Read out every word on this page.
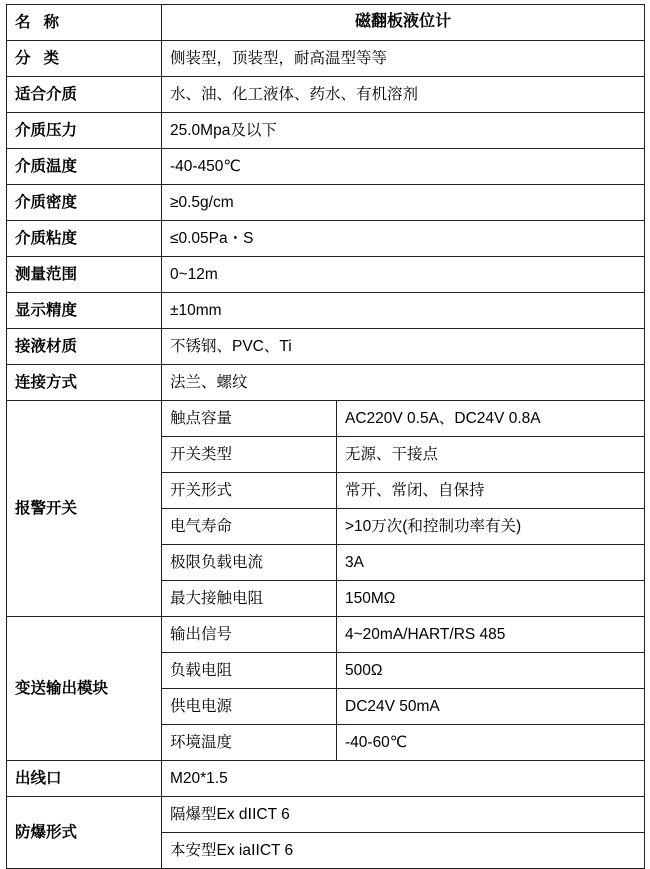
名 称	磁翻板液位计	
分 类	侧装型，顶装型，耐高温型等等	
适合介质	水、油、化工液体、药水、有机溶剂	
介质压力	25.0Mpa及以下	
介质温度	-40-450℃	
介质密度	≥0.5g/cm	
介质粘度	≤0.05Pa・S	
测量范围	0~12m	
显示精度	±10mm	
接液材质	不锈钢、PVC、Ti	
连接方式	法兰、螺纹	
报警开关	触点容量	AC220V 0.5A、DC24V 0.8A
	开关类型	无源、干接点
	开关形式	常开、常闭、自保持
	电气寿命	>10万次(和控制功率有关)
	极限负载电流	3A
	最大接触电阻	150MΩ
变送输出模块	输出信号	4~20mA/HART/RS 485
	负载电阻	500Ω
	供电电源	DC24V 50mA
	环境温度	-40-60℃
出线口	M20*1.5	
防爆形式	隔爆型Ex dⅠICT 6	
	本安型Ex iaⅠICT 6	
